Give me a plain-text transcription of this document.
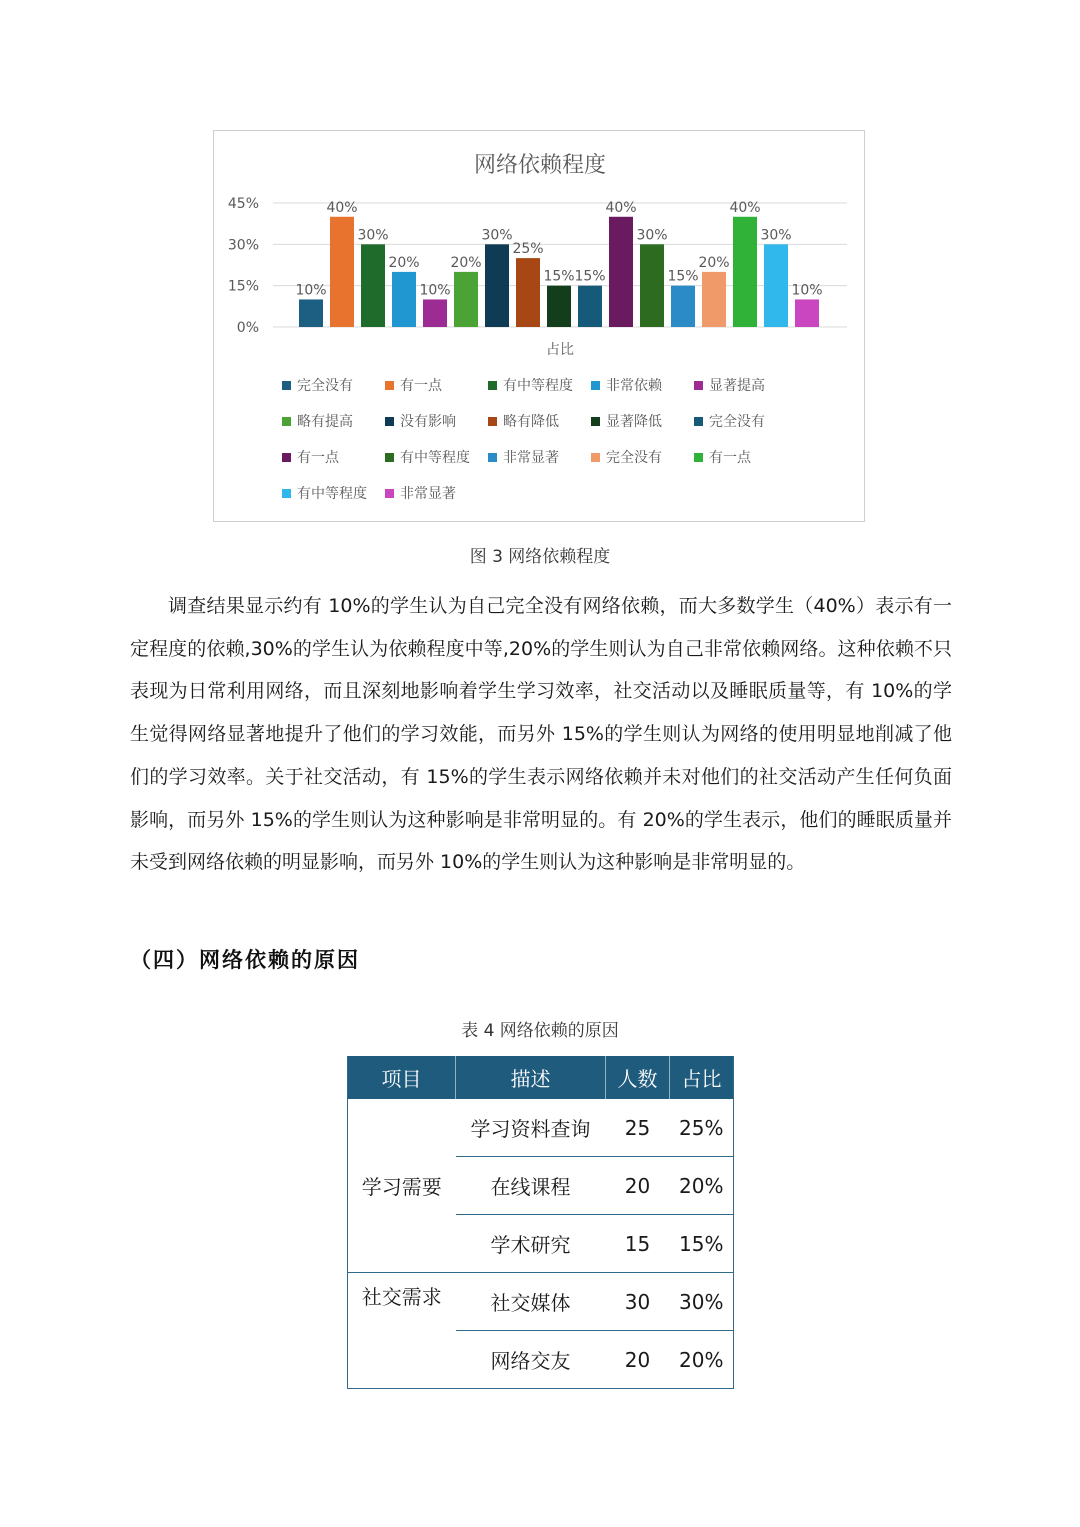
网络依赖程度
0%
15%
30%
45%
10%
40%
30%
20%
10%
20%
30%
25%
15% 15%
40%
30%
15%
20%
40%
30%
10%
占比
完全没有	有一点	有中等程度 非常依赖	显著提高
略有提高	没有影响	略有降低	显著降低	完全没有
有一点	有中等程度 非常显著	完全没有	有一点
有中等程度 非常显著
图 3 网络依赖程度

调查结果显示约有 10%的学生认为自己完全没有网络依赖，而大多数学生（40%）表示有一定程度的依赖,30%的学生认为依赖程度中等,20%的学生则认为自己非常依赖网络。这种依赖不只表现为日常利用网络，而且深刻地影响着学生学习效率，社交活动以及睡眠质量等，有 10%的学生觉得网络显著地提升了他们的学习效能，而另外 15%的学生则认为网络的使用明显地削减了他们的学习效率。关于社交活动，有 15%的学生表示网络依赖并未对他们的社交活动产生任何负面影响，而另外 15%的学生则认为这种影响是非常明显的。有 20%的学生表示，他们的睡眠质量并未受到网络依赖的明显影响，而另外 10%的学生则认为这种影响是非常明显的。

（四）网络依赖的原因
表 4 网络依赖的原因
项目	描述	人数	占比
学习需要	学习资料查询	25	25%
	在线课程	20	20%
	学术研究	15	15%
社交需求	社交媒体	30	30%
	网络交友	20	20%
